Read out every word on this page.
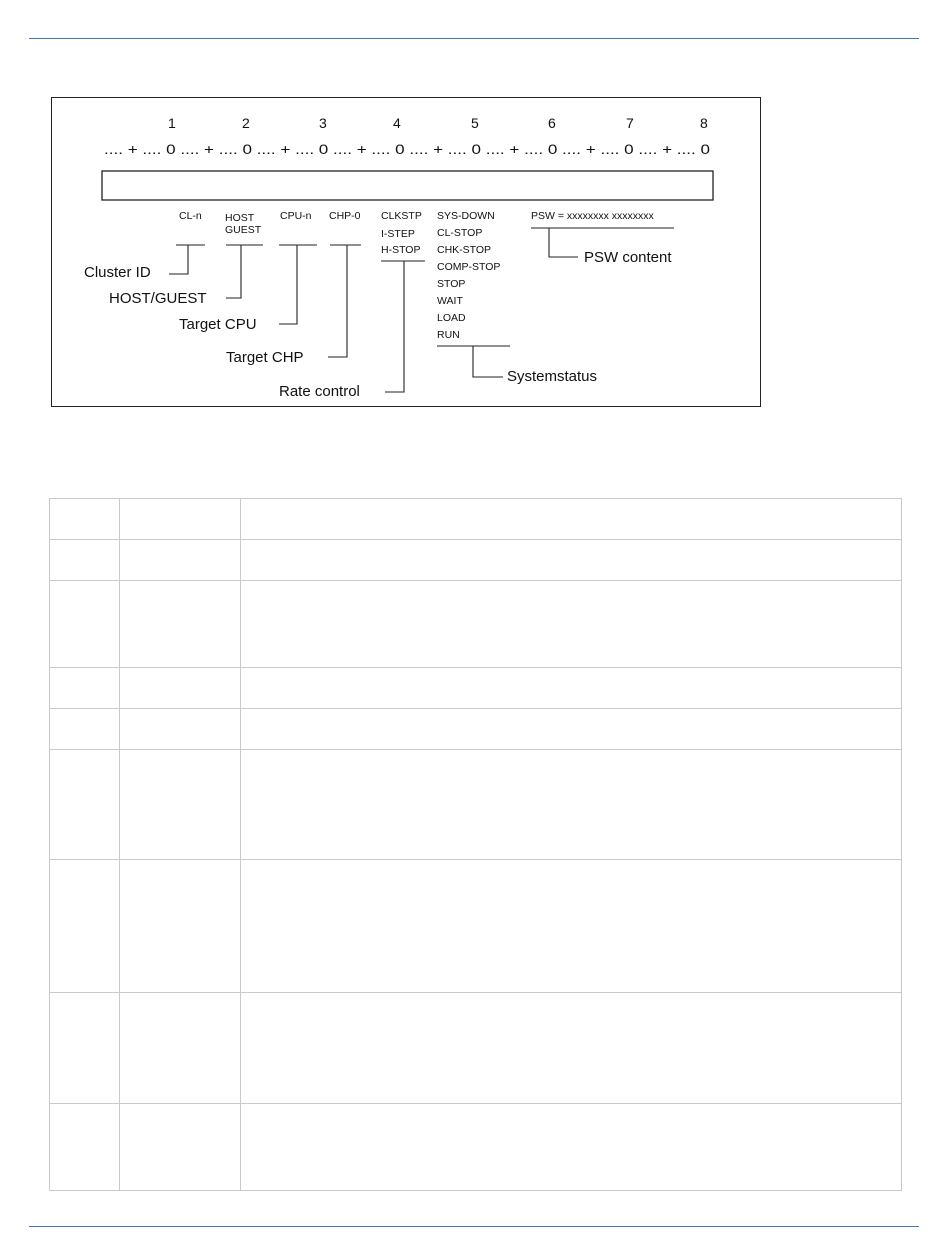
1	2	3	4	5	6	7	8
.... + .... 0 .... + .... 0 .... + .... 0 .... + .... 0 .... + .... 0 .... + .... 0 .... + .... 0 .... + .... 0
CL-n HOST
GUEST
CPU-n CHP-0 CLKSTP
I-STEP
H-STOP
SYS-DOWN
CL-STOP
CHK-STOP
COMP-STOP
STOP
WAIT
LOAD
RUN
PSW = xxxxxxxx xxxxxxxx
Cluster ID
HOST/GUEST
Target CPU
Target CHP
Rate control
Systemstatus
PSW content
